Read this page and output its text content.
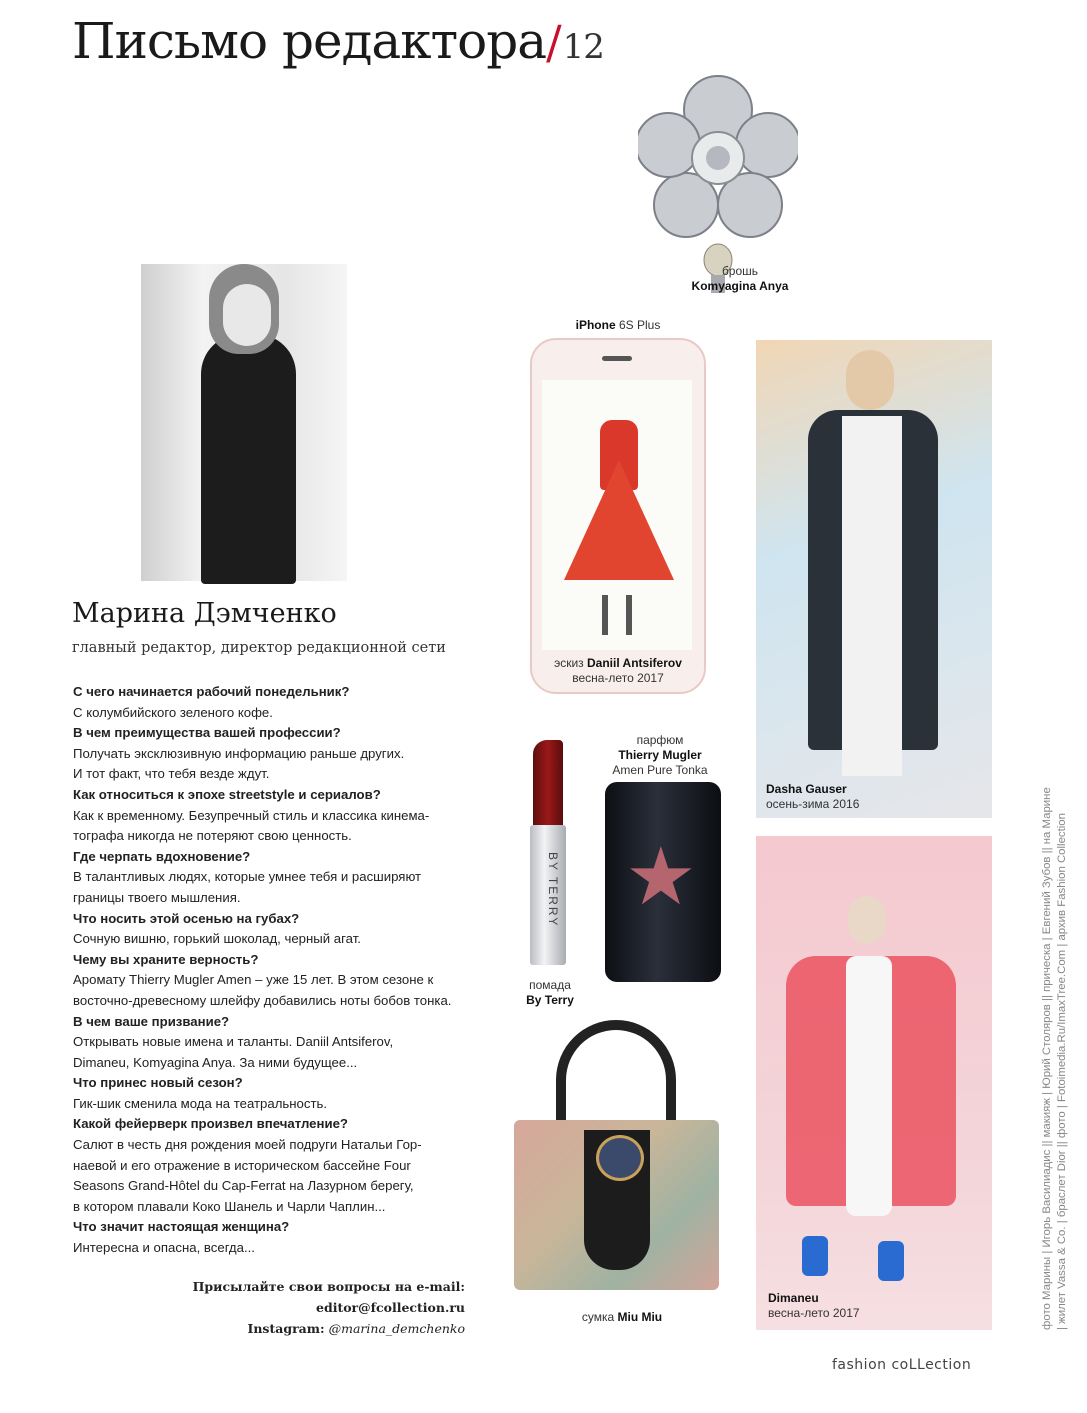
Письмо редактора/12
Марина Дэмченко
главный редактор, директор редакционной сети
С чего начинается рабочий понедельник?
С колумбийского зеленого кофе.
В чем преимущества вашей профессии?
Получать эксклюзивную информацию раньше других.
И тот факт, что тебя везде ждут.
Как относиться к эпохе streetstyle и сериалов?
Как к временному. Безупречный стиль и классика кинема-
тографа никогда не потеряют свою ценность.
Где черпать вдохновение?
В талантливых людях, которые умнее тебя и расширяют
границы твоего мышления.
Что носить этой осенью на губах?
Сочную вишню, горький шоколад, черный агат.
Чему вы храните верность?
Аромату Thierry Mugler Amen – уже 15 лет. В этом сезоне к
восточно-древесному шлейфу добавились ноты бобов тонка.
В чем ваше призвание?
Открывать новые имена и таланты. Daniil Antsiferov,
Dimaneu, Komyagina Anya. За ними будущее...
Что принес новый сезон?
Гик-шик сменила мода на театральность.
Какой фейерверк произвел впечатление?
Салют в честь дня рождения моей подруги Натальи Гор-
наевой и его отражение в историческом бассейне Four
Seasons Grand-Hôtel du Cap-Ferrat на Лазурном берегу,
в котором плавали Коко Шанель и Чарли Чаплин...
Что значит настоящая женщина?
Интересна и опасна, всегда...
Присылайте свои вопросы на e-mail:
editor@fcollection.ru
Instagram: @marina_demchenko
брошь
Komyagina Anya
iPhone 6S Plus
эскиз Daniil Antsiferov
весна-лето 2017
Dasha Gauser
осень-зима 2016
парфюм
Thierry Mugler
Amen Pure Tonka
★
BY TERRY
помада
By Terry
сумка Miu Miu
Dimaneu
весна-лето 2017	фото Марины | Игорь Василиадис || макияж | Юрий Столяров || прическа | Евгений Зубов || на Марине | жилет Vassa & Co. | браслет Dior || фото | Fotoimedia.Ru/ImaxTree.Com | архив Fashion Collection
fashion coLLection
